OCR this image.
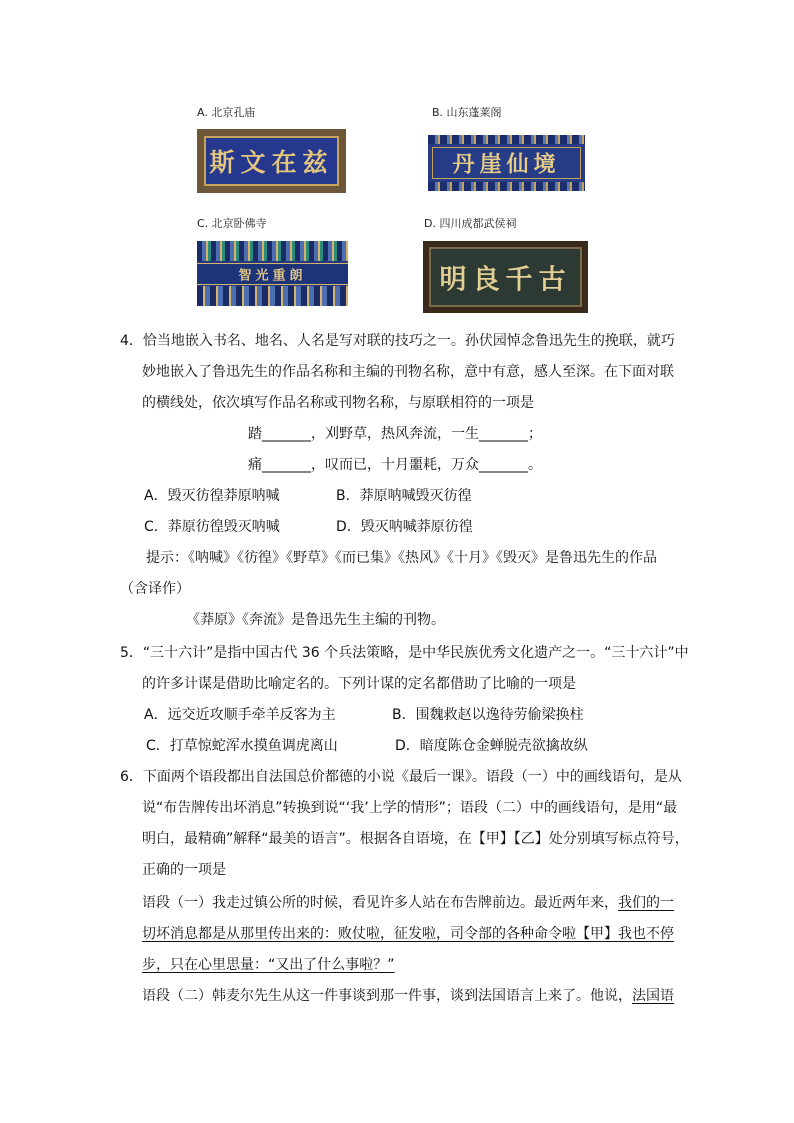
A. 北京孔庙
斯文在兹
B. 山东蓬莱阁
丹崖仙境
C. 北京卧佛寺
智光重朗
D. 四川成都武侯祠
明良千古
4．恰当地嵌入书名、地名、人名是写对联的技巧之一。孙伏园悼念鲁迅先生的挽联，就巧
妙地嵌入了鲁迅先生的作品名称和主编的刊物名称，意中有意，感人至深。在下面对联
的横线处，依次填写作品名称或刊物名称，与原联相符的一项是
踏_______，刈野草，热风奔流，一生_______；
痛_______，叹而已，十月噩耗，万众_______。
A．毁灭彷徨莽原呐喊	B．莽原呐喊毁灭彷徨
C．莽原彷徨毁灭呐喊	D．毁灭呐喊莽原彷徨
提示：《呐喊》《彷徨》《野草》《而已集》《热风》《十月》《毁灭》是鲁迅先生的作品
（含译作）
《莽原》《奔流》是鲁迅先生主编的刊物。
5．“三十六计”是指中国古代 36 个兵法策略，是中华民族优秀文化遗产之一。“三十六计”中
的许多计谋是借助比喻定名的。下列计谋的定名都借助了比喻的一项是
A．远交近攻顺手牵羊反客为主	B．围魏救赵以逸待劳偷梁换柱
C．打草惊蛇浑水摸鱼调虎离山	D．暗度陈仓金蝉脱壳欲擒故纵
6．下面两个语段都出自法国总价都德的小说《最后一课》。语段（一）中的画线语句，是从
说“布告牌传出坏消息”转换到说“‘我’上学的情形”；语段（二）中的画线语句，是用“最
明白，最精确”解释“最美的语言”。根据各自语境，在【甲】【乙】处分别填写标点符号，
正确的一项是
语段（一）我走过镇公所的时候，看见许多人站在布告牌前边。最近两年来，我们的一
切坏消息都是从那里传出来的：败仗啦，征发啦，司令部的各种命令啦【甲】我也不停
步，只在心里思量：“又出了什么事啦？”
语段（二）韩麦尔先生从这一件事谈到那一件事，谈到法国语言上来了。他说，法国语
